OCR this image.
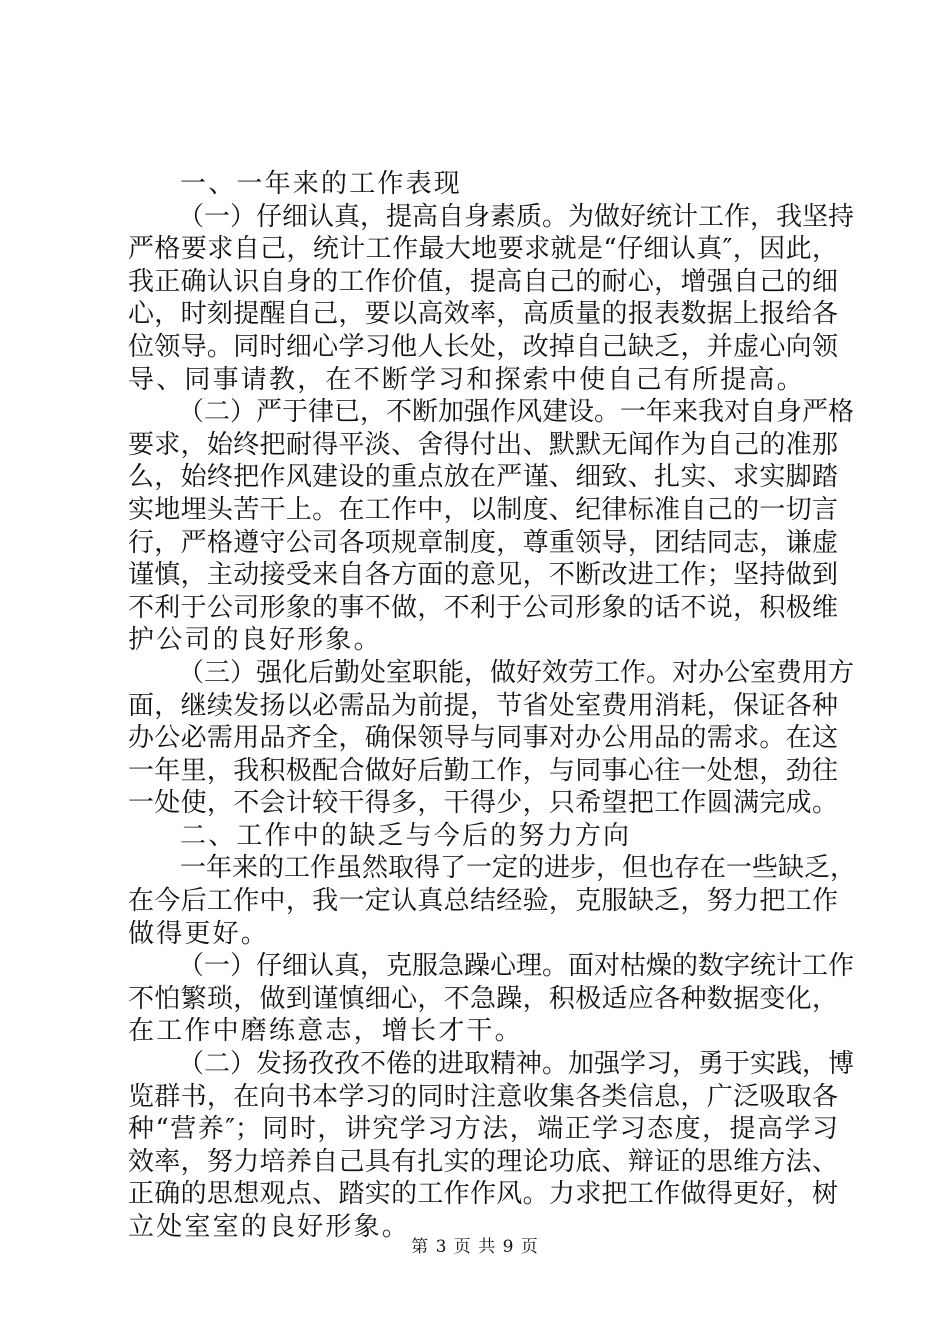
一、一年来的工作表现
（一）仔细认真，提高自身素质。为做好统计工作，我坚持
严格要求自己，统计工作最大地要求就是“仔细认真″，因此，
我正确认识自身的工作价值，提高自己的耐心，增强自己的细
心，时刻提醒自己，要以高效率，高质量的报表数据上报给各
位领导。同时细心学习他人长处，改掉自己缺乏，并虚心向领
导、同事请教，在不断学习和探索中使自己有所提高。
（二）严于律已，不断加强作风建设。一年来我对自身严格
要求，始终把耐得平淡、舍得付出、默默无闻作为自己的准那
么，始终把作风建设的重点放在严谨、细致、扎实、求实脚踏
实地埋头苦干上。在工作中，以制度、纪律标准自己的一切言
行，严格遵守公司各项规章制度，尊重领导，团结同志，谦虚
谨慎，主动接受来自各方面的意见，不断改进工作；坚持做到
不利于公司形象的事不做，不利于公司形象的话不说，积极维
护公司的良好形象。
（三）强化后勤处室职能，做好效劳工作。对办公室费用方
面，继续发扬以必需品为前提，节省处室费用消耗，保证各种
办公必需用品齐全，确保领导与同事对办公用品的需求。在这
一年里，我积极配合做好后勤工作，与同事心往一处想，劲往
一处使，不会计较干得多，干得少，只希望把工作圆满完成。
二、工作中的缺乏与今后的努力方向
一年来的工作虽然取得了一定的进步，但也存在一些缺乏，
在今后工作中，我一定认真总结经验，克服缺乏，努力把工作
做得更好。
（一）仔细认真，克服急躁心理。面对枯燥的数字统计工作
不怕繁琐，做到谨慎细心，不急躁，积极适应各种数据变化，
在工作中磨练意志，增长才干。
（二）发扬孜孜不倦的进取精神。加强学习，勇于实践，博
览群书，在向书本学习的同时注意收集各类信息，广泛吸取各
种“营养″；同时，讲究学习方法，端正学习态度，提高学习
效率，努力培养自己具有扎实的理论功底、辩证的思维方法、
正确的思想观点、踏实的工作作风。力求把工作做得更好，树
立处室室的良好形象。
第 3 页 共 9 页
